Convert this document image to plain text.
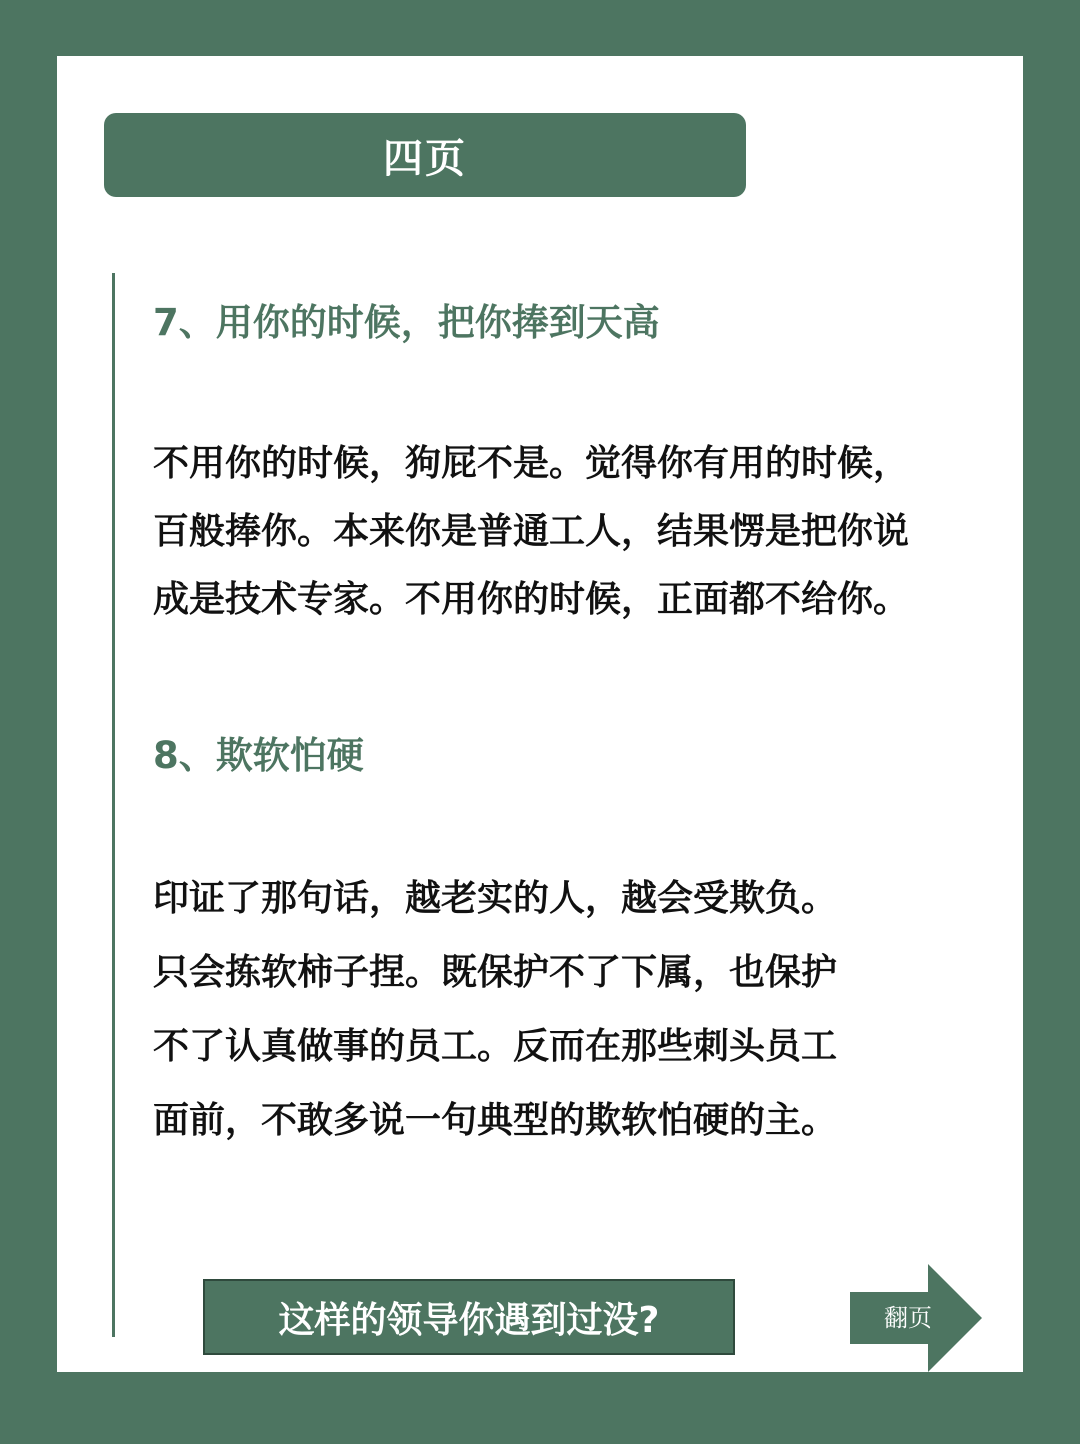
四页
7、用你的时候，把你捧到天高
不用你的时候，狗屁不是。觉得你有用的时候，
百般捧你。本来你是普通工人，结果愣是把你说
成是技术专家。不用你的时候，正面都不给你。
8、欺软怕硬
印证了那句话，越老实的人，越会受欺负。
只会拣软柿子捏。既保护不了下属，也保护
不了认真做事的员工。反而在那些刺头员工
面前，不敢多说一句典型的欺软怕硬的主。
这样的领导你遇到过没?	翻页
